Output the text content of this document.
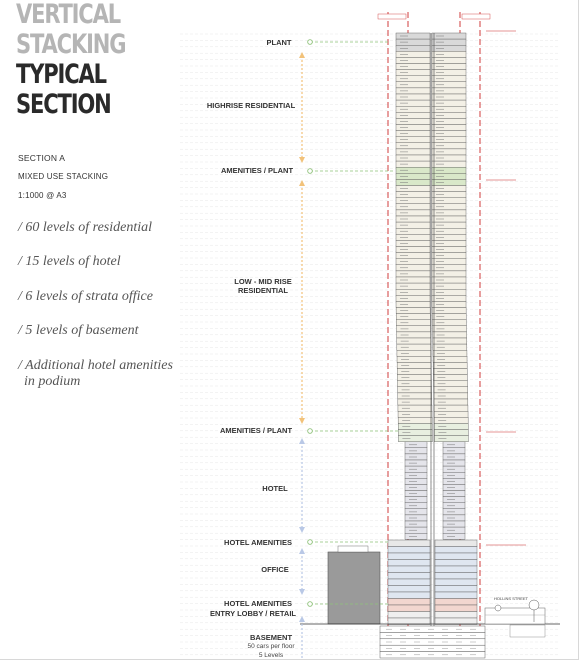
VERTICAL
STACKING
TYPICAL
SECTION
SECTION A
MIXED USE STACKING
1:1000 @ A3
/ 60 levels of residential
/ 15 levels of hotel
/ 6 levels of strata office
/ 5 levels of basement
/ Additional hotel amenities
in podium
PLANT
HIGHRISE RESIDENTIAL
AMENITIES / PLANT
LOW - MID RISE
RESIDENTIAL
AMENITIES / PLANT
HOTEL
HOTEL AMENITIES
OFFICE
HOTEL AMENITIES
ENTRY LOBBY / RETAIL
BASEMENT
50 cars per floor
5 Levels
HOLLINS STREET
